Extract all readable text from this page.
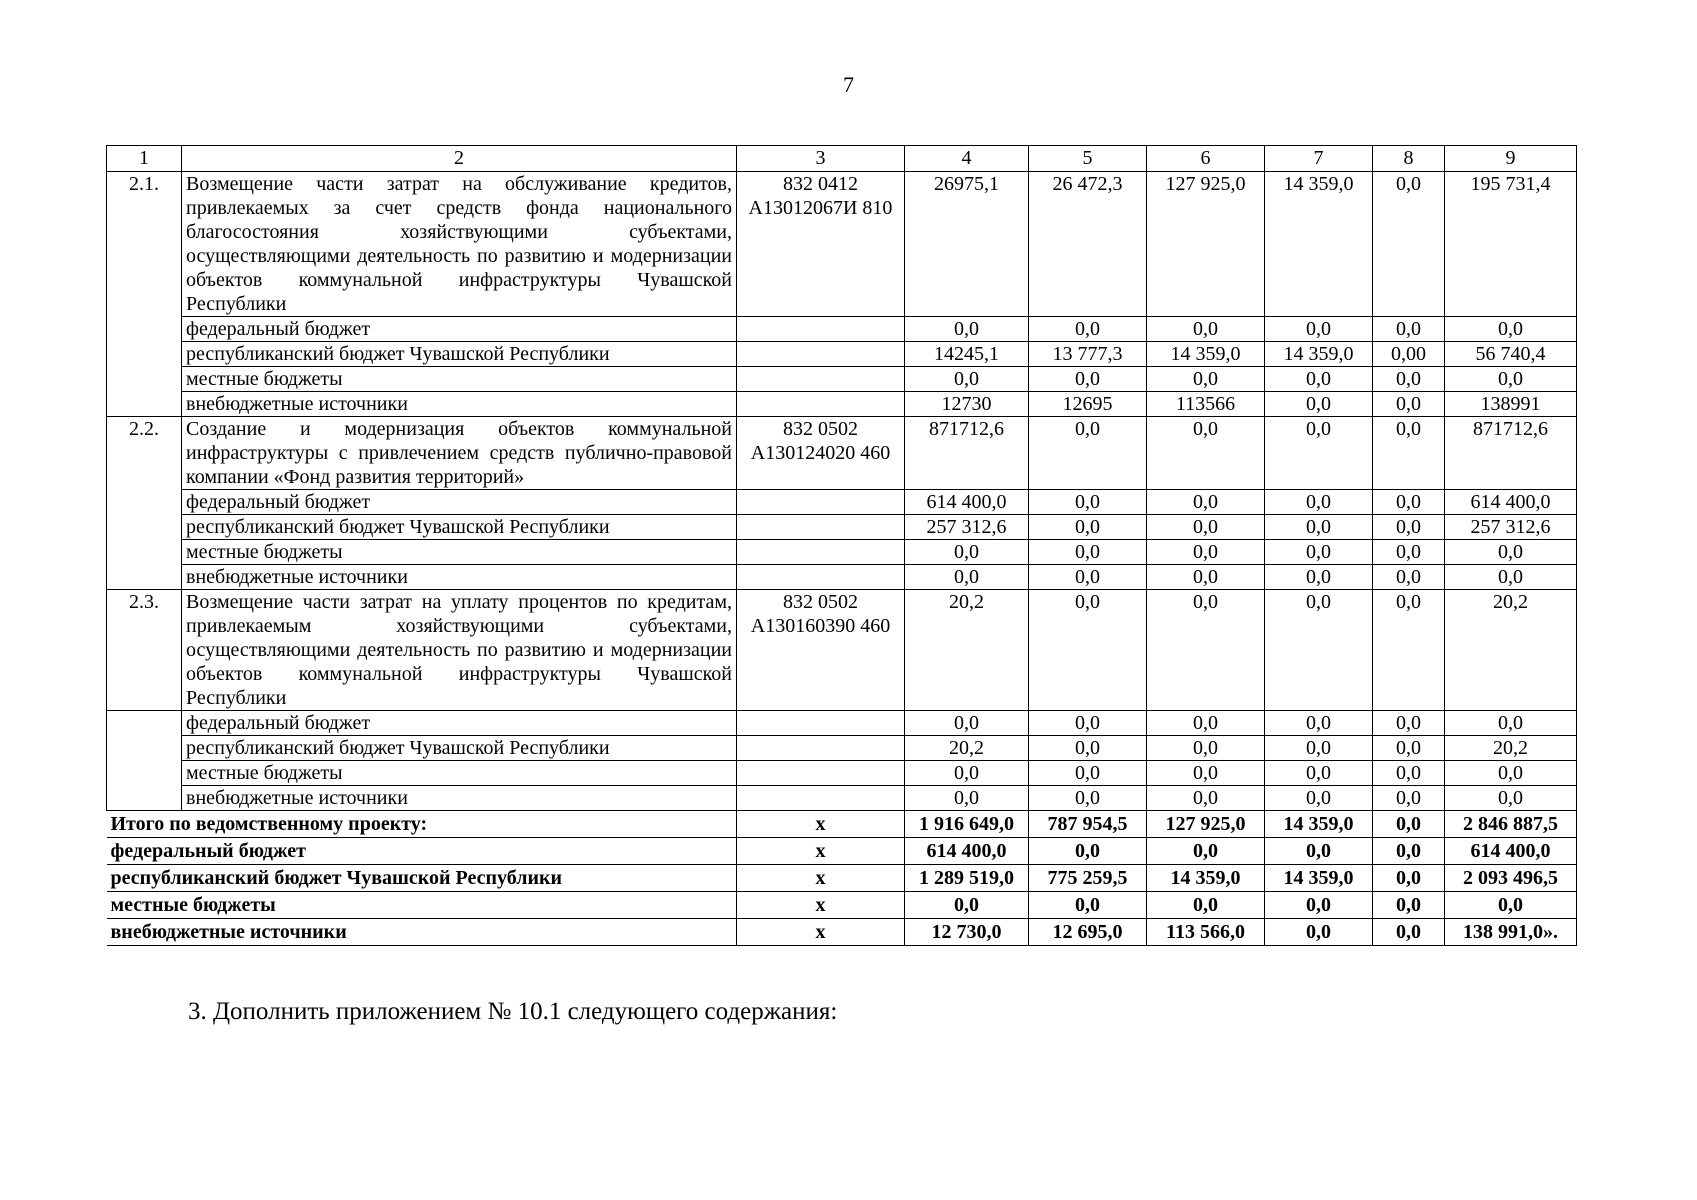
7
1	2	3	4	5	6	7	8	9
2.1.	Возмещение части затрат на обслуживание кредитов, привлекаемых за счет средств фонда национального благосостояния хозяйствующими субъектами, осуществляющими деятельность по развитию и модернизации объектов коммунальной инфраструктуры Чувашской Республики	832 0412 А13012067И 810	26975,1	26 472,3	127 925,0	14 359,0	0,0	195 731,4
	федеральный бюджет		0,0	0,0	0,0	0,0	0,0	0,0
	республиканский бюджет Чувашской Республики		14245,1	13 777,3	14 359,0	14 359,0	0,00	56 740,4
	местные бюджеты		0,0	0,0	0,0	0,0	0,0	0,0
	внебюджетные источники		12730	12695	113566	0,0	0,0	138991
2.2.	Создание и модернизация объектов коммунальной инфраструктуры с привлечением средств публично-правовой компании «Фонд развития территорий»	832 0502 А130124020 460	871712,6	0,0	0,0	0,0	0,0	871712,6
	федеральный бюджет		614 400,0	0,0	0,0	0,0	0,0	614 400,0
	республиканский бюджет Чувашской Республики		257 312,6	0,0	0,0	0,0	0,0	257 312,6
	местные бюджеты		0,0	0,0	0,0	0,0	0,0	0,0
	внебюджетные источники		0,0	0,0	0,0	0,0	0,0	0,0
2.3.	Возмещение части затрат на уплату процентов по кредитам, привлекаемым хозяйствующими субъектами, осуществляющими деятельность по развитию и модернизации объектов коммунальной инфраструктуры Чувашской Республики	832 0502 А130160390 460	20,2	0,0	0,0	0,0	0,0	20,2
	федеральный бюджет		0,0	0,0	0,0	0,0	0,0	0,0
	республиканский бюджет Чувашской Республики		20,2	0,0	0,0	0,0	0,0	20,2
	местные бюджеты		0,0	0,0	0,0	0,0	0,0	0,0
	внебюджетные источники		0,0	0,0	0,0	0,0	0,0	0,0
Итого по ведомственному проекту:		x	1 916 649,0	787 954,5	127 925,0	14 359,0	0,0	2 846 887,5
федеральный бюджет		x	614 400,0	0,0	0,0	0,0	0,0	614 400,0
республиканский бюджет Чувашской Республики		x	1 289 519,0	775 259,5	14 359,0	14 359,0	0,0	2 093 496,5
местные бюджеты		x	0,0	0,0	0,0	0,0	0,0	0,0
внебюджетные источники		x	12 730,0	12 695,0	113 566,0	0,0	0,0	138 991,0».
3. Дополнить приложением № 10.1 следующего содержания:
